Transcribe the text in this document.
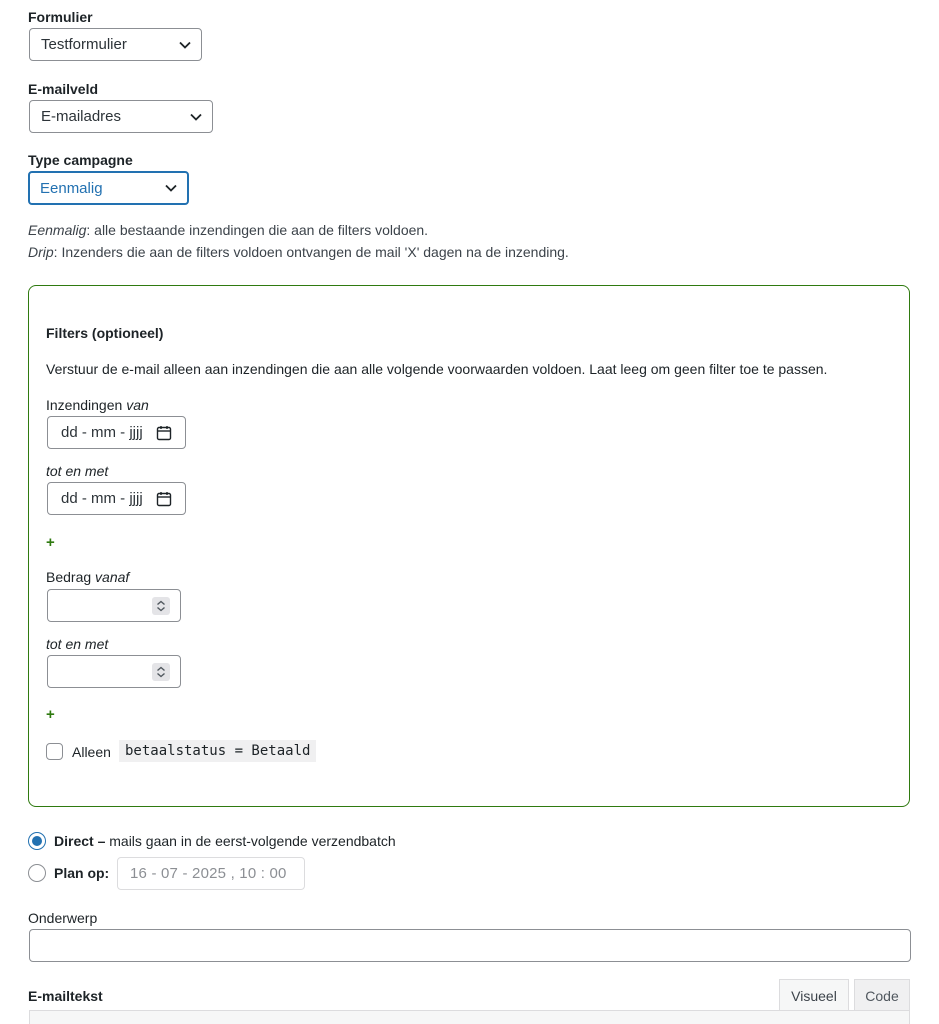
Formulier
Testformulier
E-mailveld
E-mailadres
Type campagne
Eenmalig
Eenmalig: alle bestaande inzendingen die aan de filters voldoen.
Drip: Inzenders die aan de filters voldoen ontvangen de mail 'X' dagen na de inzending.
Filters (optioneel)
Verstuur de e-mail alleen aan inzendingen die aan alle volgende voorwaarden voldoen. Laat leeg om geen filter toe te passen.
Inzendingen van
dd - mm - jjjj
tot en met
dd - mm - jjjj
+
Bedrag vanaf
tot en met
+
Alleen	betaalstatus = Betaald
Direct – mails gaan in de eerst-volgende verzendbatch
Plan op: 16 - 07 - 2025 , 10 : 00
Onderwerp
E-mailtekst	Visueel	Code
